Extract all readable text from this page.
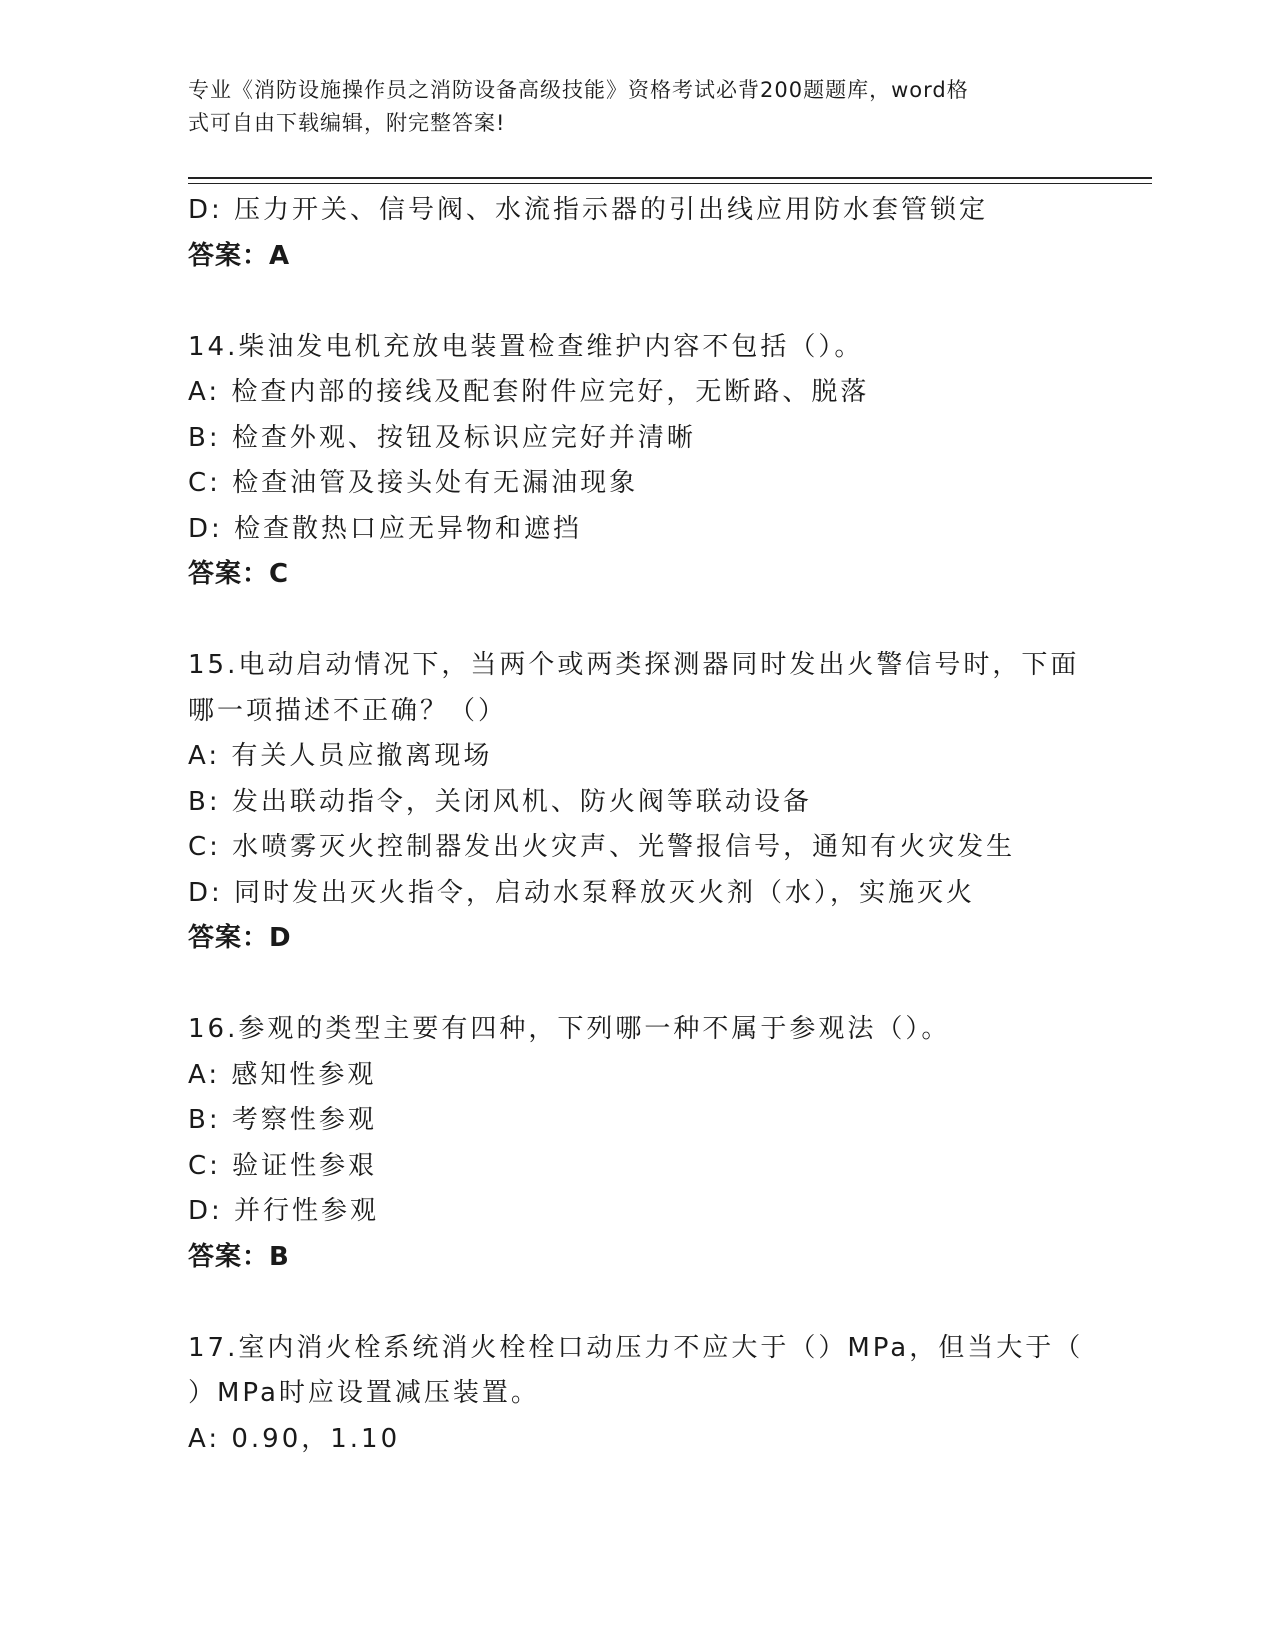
专业《消防设施操作员之消防设备高级技能》资格考试必背200题题库，word格
式可自由下载编辑，附完整答案!
D: 压力开关、信号阀、水流指示器的引出线应用防水套管锁定
答案：A
14.柴油发电机充放电装置检查维护内容不包括（）。
A: 检查内部的接线及配套附件应完好，无断路、脱落
B: 检查外观、按钮及标识应完好并清晰
C: 检查油管及接头处有无漏油现象
D: 检查散热口应无异物和遮挡
答案：C
15.电动启动情况下，当两个或两类探测器同时发出火警信号时，下面
哪一项描述不正确？（）
A: 有关人员应撤离现场
B: 发出联动指令，关闭风机、防火阀等联动设备
C: 水喷雾灭火控制器发出火灾声、光警报信号，通知有火灾发生
D: 同时发出灭火指令，启动水泵释放灭火剂（水），实施灭火
答案：D
16.参观的类型主要有四种，下列哪一种不属于参观法（）。
A: 感知性参观
B: 考察性参观
C: 验证性参艰
D: 并行性参观
答案：B
17.室内消火栓系统消火栓栓口动压力不应大于（）MPa，但当大于（
）MPa时应设置减压装置。
A: 0.90，1.10
